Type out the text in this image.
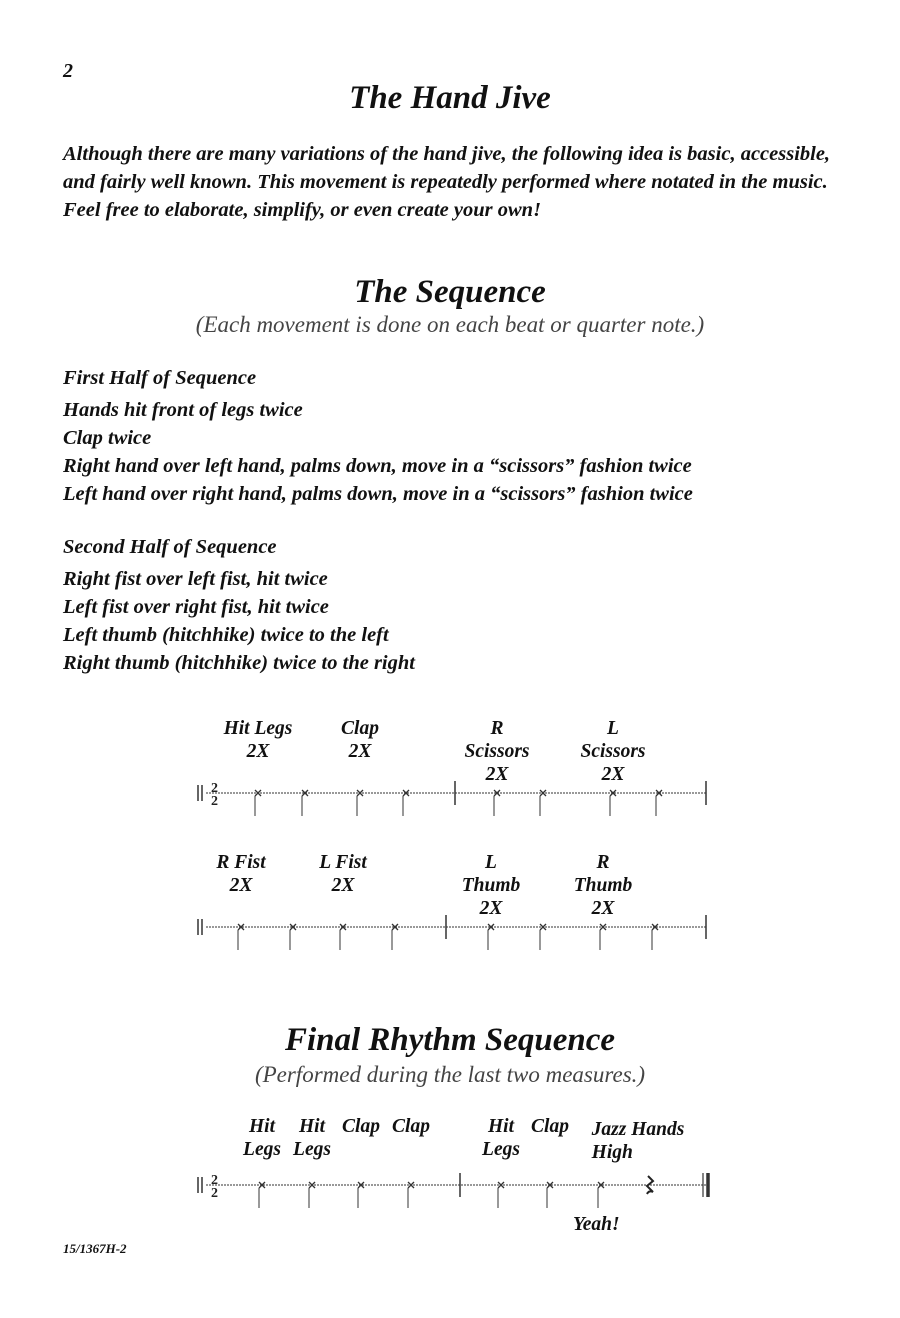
2
The Hand Jive
Although there are many variations of the hand jive, the following idea is basic, accessible, and fairly well known. This movement is repeatedly performed where notated in the music. Feel free to elaborate, simplify, or even create your own!
The Sequence
(Each movement is done on each beat or quarter note.)
First Half of Sequence
Hands hit front of legs twice
Clap twice
Right hand over left hand, palms down, move in a “scissors” fashion twice
Left hand over right hand, palms down, move in a “scissors” fashion twice
Second Half of Sequence
Right fist over left fist, hit twice
Left fist over right fist, hit twice
Left thumb (hitchhike) twice to the left
Right thumb (hitchhike) twice to the right
Hit Legs
2X
Clap
2X
R
Scissors
2X
L
Scissors
2X
2
2
R Fist
2X
L Fist
2X
L
Thumb
2X
R
Thumb
2X
Final Rhythm Sequence
(Performed during the last two measures.)
Hit
Legs
Hit
Legs
Clap Clap	Hit
Legs
Clap Jazz Hands
High
2
2
Yeah!
15/1367H-2
